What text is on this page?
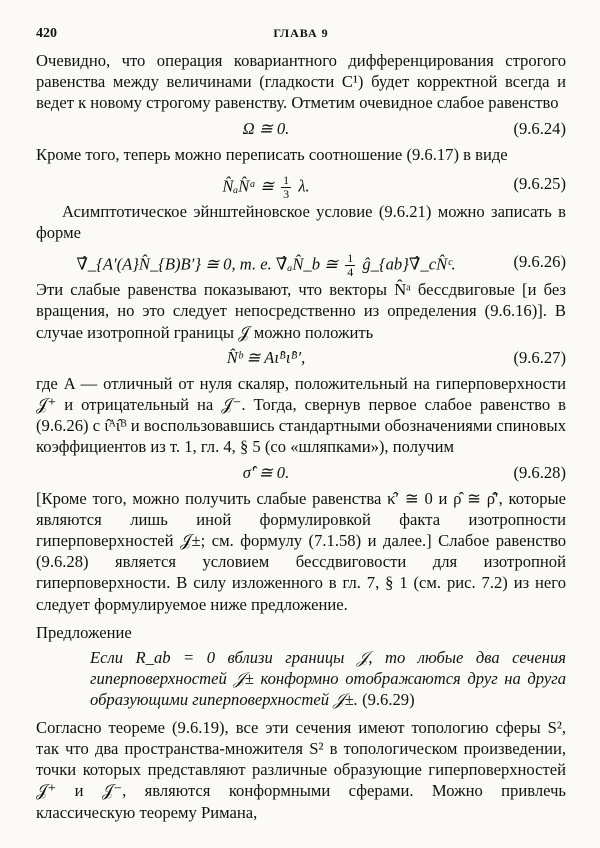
420	ГЛАВА 9

Очевидно, что операция ковариантного дифференцирования строгого равенства между величинами (гладкости C¹) будет корректной всегда и ведет к новому строгому равенству. Отметим очевидное слабое равенство

Ω ≅ 0.	(9.6.24)

Кроме того, теперь можно переписать соотношение (9.6.17) в виде

N̂ₐN̂ᵃ ≅ $\frac{1}{3} \lambda$.	(9.6.25)

Асимптотическое эйнштейновское условие (9.6.21) можно записать в форме

∇̂_{A′(A}N̂_{B)B′} ≅ 0, т. е. ∇̂ₐN̂_b ≅ $\frac{1}{4}$ ĝ_{ab}∇̂_cN̂ᶜ.	(9.6.26)

Эти слабые равенства показывают, что векторы N̂ᵃ бессдвиговые [и без вращения, но это следует непосредственно из определения (9.6.16)]. В случае изотропной границы 𝒥 можно положить

N̂ᵇ ≅ Aι̂ᴮι̂ᴮ′,	(9.6.27)

где A — отличный от нуля скаляр, положительный на гиперповерхности 𝒥⁺ и отрицательный на 𝒥⁻. Тогда, свернув первое слабое равенство в (9.6.26) с ι̂ᴬι̂ᴮ и воспользовавшись стандартными обозначениями спиновых коэффициентов из т. 1, гл. 4, § 5 (со «шляпками»), получим

σ̂′ ≅ 0.	(9.6.28)

[Кроме того, можно получить слабые равенства κ̂′ ≅ 0 и ρ̂ ≅ ρ̂̄′, которые являются лишь иной формулировкой факта изотропности гиперповерхностей 𝒥±; см. формулу (7.1.58) и далее.] Слабое равенство (9.6.28) является условием бессдвиговости для изотропной гиперповерхности. В силу изложенного в гл. 7, § 1 (см. рис. 7.2) из него следует формулируемое ниже предложение.

Предложение
Если R_ab = 0 вблизи границы 𝒥, то любые два сечения гиперповерхностей 𝒥± конформно отображаются друг на друга образующими гиперповерхностей 𝒥±. (9.6.29)

Согласно теореме (9.6.19), все эти сечения имеют топологию сферы S², так что два пространства-множителя S² в топологическом произведении, точки которых представляют различные образующие гиперповерхностей 𝒥⁺ и 𝒥⁻, являются конформными сферами. Можно привлечь классическую теорему Римана,
